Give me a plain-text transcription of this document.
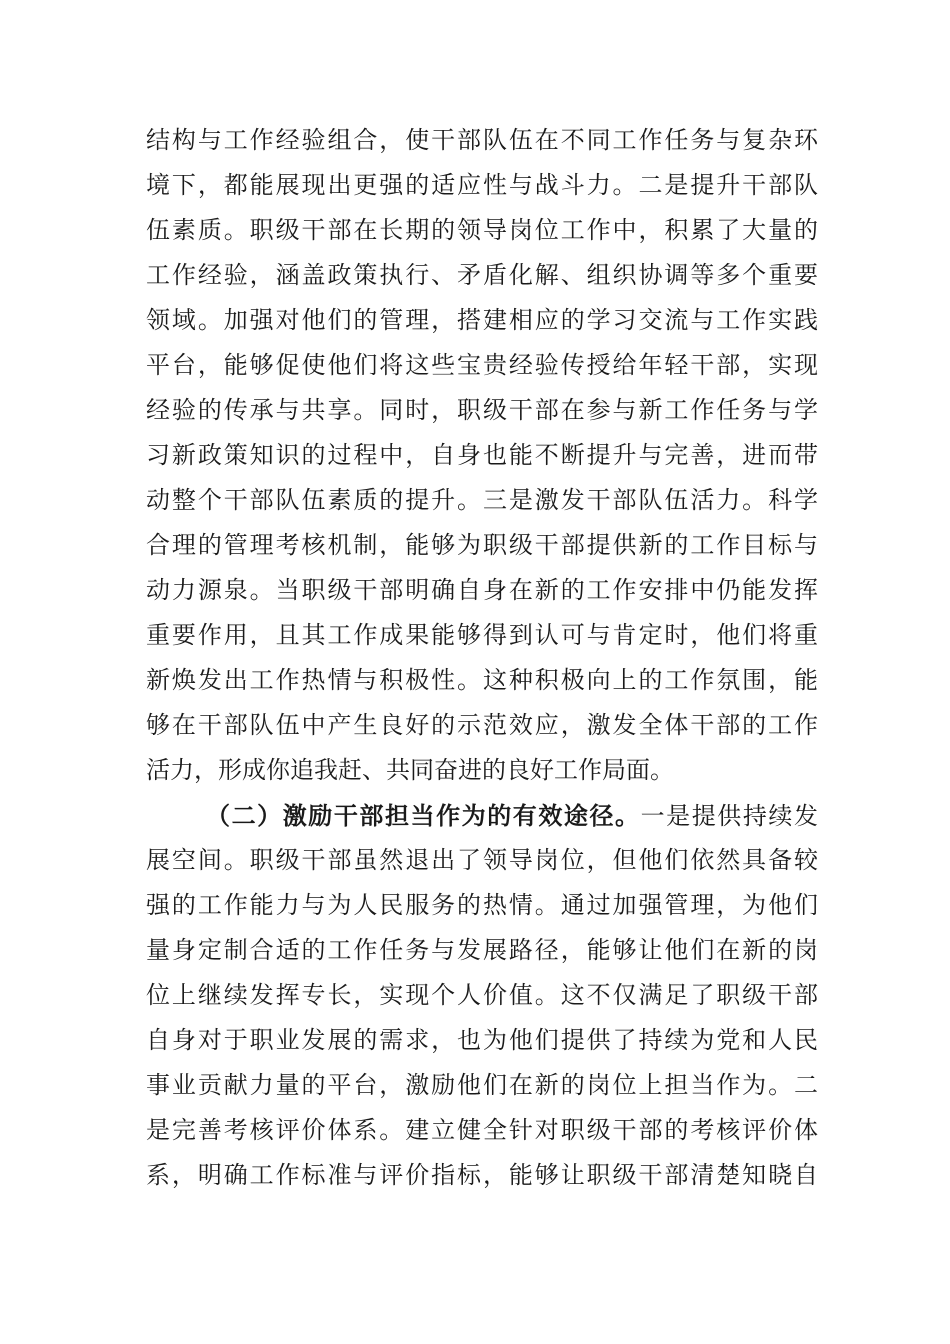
结构与工作经验组合，使干部队伍在不同工作任务与复杂环
境下，都能展现出更强的适应性与战斗力。二是提升干部队
伍素质。职级干部在长期的领导岗位工作中，积累了大量的
工作经验，涵盖政策执行、矛盾化解、组织协调等多个重要
领域。加强对他们的管理，搭建相应的学习交流与工作实践
平台，能够促使他们将这些宝贵经验传授给年轻干部，实现
经验的传承与共享。同时，职级干部在参与新工作任务与学
习新政策知识的过程中，自身也能不断提升与完善，进而带
动整个干部队伍素质的提升。三是激发干部队伍活力。科学
合理的管理考核机制，能够为职级干部提供新的工作目标与
动力源泉。当职级干部明确自身在新的工作安排中仍能发挥
重要作用，且其工作成果能够得到认可与肯定时，他们将重
新焕发出工作热情与积极性。这种积极向上的工作氛围，能
够在干部队伍中产生良好的示范效应，激发全体干部的工作
活力，形成你追我赶、共同奋进的良好工作局面。
（二）激励干部担当作为的有效途径。一是提供持续发
展空间。职级干部虽然退出了领导岗位，但他们依然具备较
强的工作能力与为人民服务的热情。通过加强管理，为他们
量身定制合适的工作任务与发展路径，能够让他们在新的岗
位上继续发挥专长，实现个人价值。这不仅满足了职级干部
自身对于职业发展的需求，也为他们提供了持续为党和人民
事业贡献力量的平台，激励他们在新的岗位上担当作为。二
是完善考核评价体系。建立健全针对职级干部的考核评价体
系，明确工作标准与评价指标，能够让职级干部清楚知晓自
